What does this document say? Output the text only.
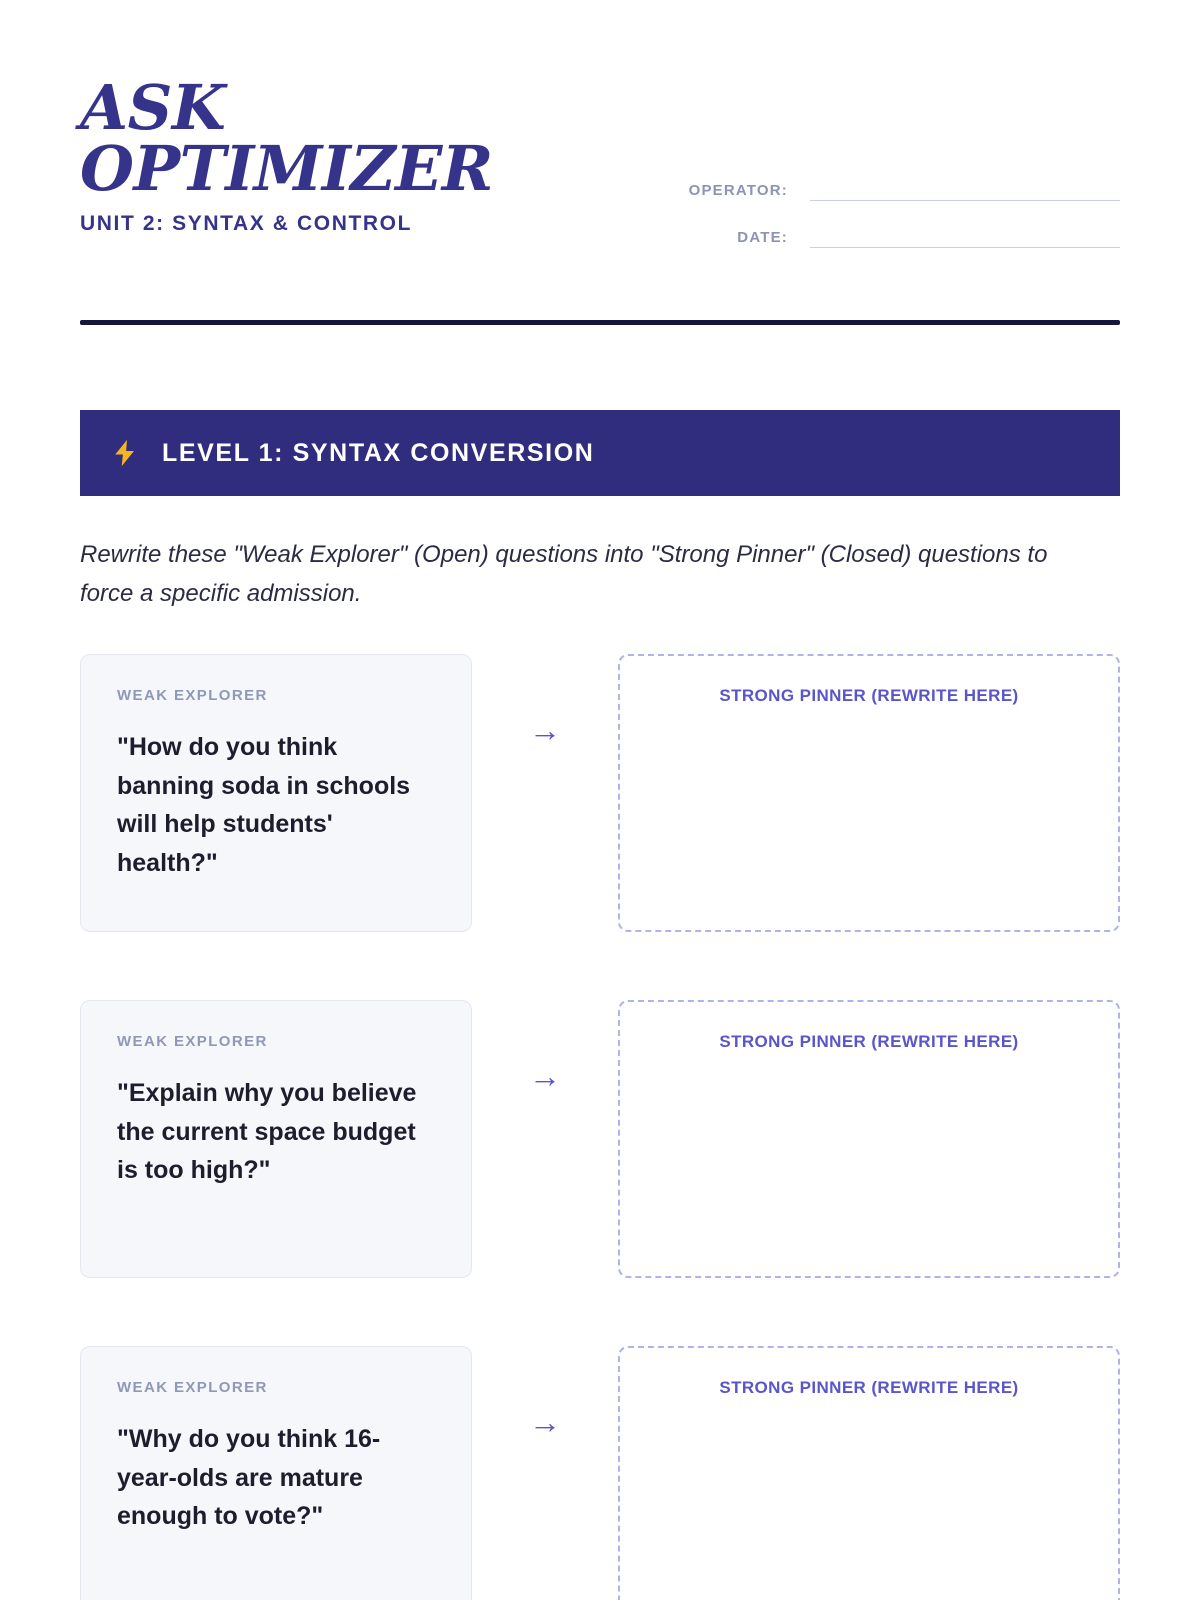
ASK
OPTIMIZER
UNIT 2: SYNTAX & CONTROL
OPERATOR:
DATE:
LEVEL 1: SYNTAX CONVERSION
Rewrite these "Weak Explorer" (Open) questions into "Strong Pinner" (Closed) questions to force a specific admission.
WEAK EXPLORER
"How do you think banning soda in schools will help students' health?"
→
STRONG PINNER (REWRITE HERE)
WEAK EXPLORER
"Explain why you believe the current space budget is too high?"
→
STRONG PINNER (REWRITE HERE)
WEAK EXPLORER
"Why do you think 16-year-olds are mature enough to vote?"
→
STRONG PINNER (REWRITE HERE)
